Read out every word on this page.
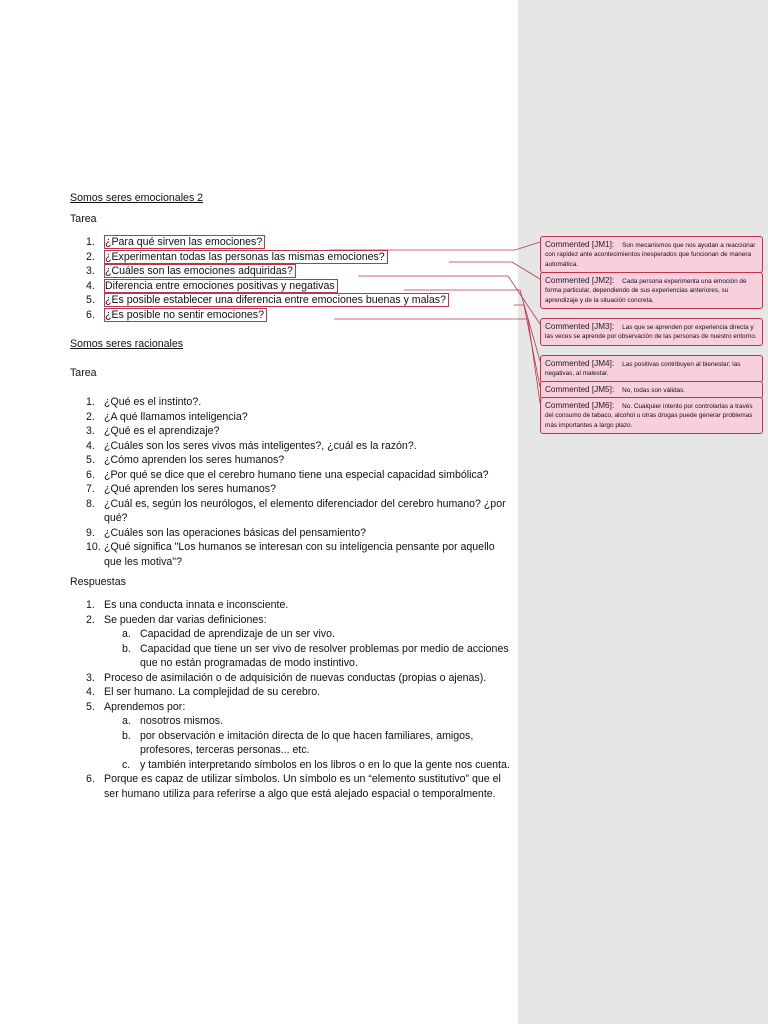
Somos seres emocionales 2
Tarea
1. ¿Para qué sirven las emociones?
2. ¿Experimentan todas las personas las mismas emociones?
3. ¿Cuáles son las emociones adquiridas?
4. Diferencia entre emociones positivas y negativas
5. ¿Es posible establecer una diferencia entre emociones buenas y malas?
6. ¿Es posible no sentir emociones?
Somos seres racionales
Tarea
1. ¿Qué es el instinto?.
2. ¿A qué llamamos inteligencia?
3. ¿Qué es el aprendizaje?
4. ¿Cuáles son los seres vivos más inteligentes?, ¿cuál es la razón?.
5. ¿Cómo aprenden los seres humanos?
6. ¿Por qué se dice que el cerebro humano tiene una especial capacidad simbólica?
7. ¿Qué aprenden los seres humanos?
8. ¿Cuál es, según los neurólogos, el elemento diferenciador del cerebro humano? ¿por qué?
9. ¿Cuáles son las operaciones básicas del pensamiento?
10. ¿Qué significa "Los humanos se interesan con su inteligencia pensante por aquello que les motiva"?
Respuestas
1. Es una conducta innata e inconsciente.
2. Se pueden dar varias definiciones:
a. Capacidad de aprendizaje de un ser vivo.
b. Capacidad que tiene un ser vivo de resolver problemas por medio de acciones que no están programadas de modo instintivo.
3. Proceso de asimilación o de adquisición de nuevas conductas (propias o ajenas).
4. El ser humano. La complejidad de su cerebro.
5. Aprendemos por:
a. nosotros mismos.
b. por observación e imitación directa de lo que hacen familiares, amigos, profesores, terceras personas... etc.
c. y también interpretando símbolos en los libros o en lo que la gente nos cuenta.
6. Porque es capaz de utilizar símbolos. Un símbolo es un “elemento sustitutivo” que el ser humano utiliza para referirse a algo que está alejado espacial o temporalmente.
Commented [JM1]: Son mecanismos que nos ayudan a reaccionar con rapidez ante acontecimientos inesperados que funcionan de manera automática.
Commented [JM2]: Cada persona experimenta una emoción de forma particular, dependiendo de sus experiencias anteriores, su aprendizaje y de la situación concreta.
Commented [JM3]: Las que se aprenden por experiencia directa y las veces se aprende por observación de las personas de nuestro entorno.
Commented [JM4]: Las positivas contribuyen al bienestar; las negativas, al malestar.
Commented [JM5]: No, todas son válidas.
Commented [JM6]: No. Cualquier intento por controlarlas a través del consumo de tabaco, alcohol u otras drogas puede generar problemas más importantes a largo plazo.
